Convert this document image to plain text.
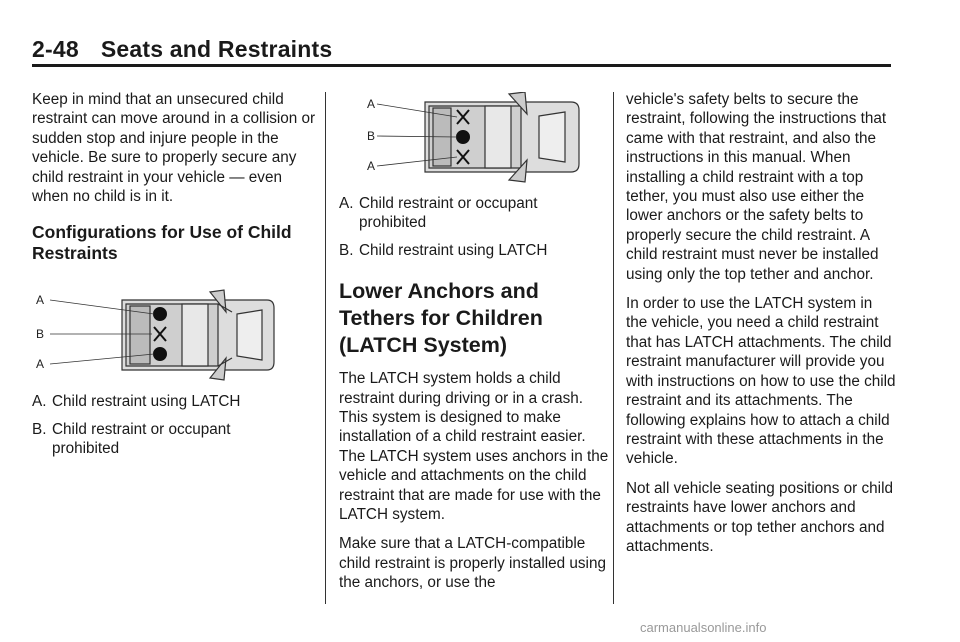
2-48 Seats and Restraints

Keep in mind that an unsecured child restraint can move around in a collision or sudden stop and injure people in the vehicle. Be sure to properly secure any child restraint in your vehicle — even when no child is in it.

Configurations for Use of Child Restraints
A
B
A
A. Child restraint using LATCH
B. Child restraint or occupant
prohibited
A
B
A
A. Child restraint or occupant
prohibited
B. Child restraint using LATCH
Lower Anchors and Tethers for Children (LATCH System)

The LATCH system holds a child restraint during driving or in a crash. This system is designed to make installation of a child restraint easier. The LATCH system uses anchors in the vehicle and attachments on the child restraint that are made for use with the LATCH system.

Make sure that a LATCH-compatible child restraint is properly installed using the anchors, or use the

vehicle's safety belts to secure the restraint, following the instructions that came with that restraint, and also the instructions in this manual. When installing a child restraint with a top tether, you must also use either the lower anchors or the safety belts to properly secure the child restraint. A child restraint must never be installed using only the top tether and anchor.

In order to use the LATCH system in the vehicle, you need a child restraint that has LATCH attachments. The child restraint manufacturer will provide you with instructions on how to use the child restraint and its attachments. The following explains how to attach a child restraint with these attachments in the vehicle.

Not all vehicle seating positions or child restraints have lower anchors and attachments or top tether anchors and attachments.

carmanualsonline.info
